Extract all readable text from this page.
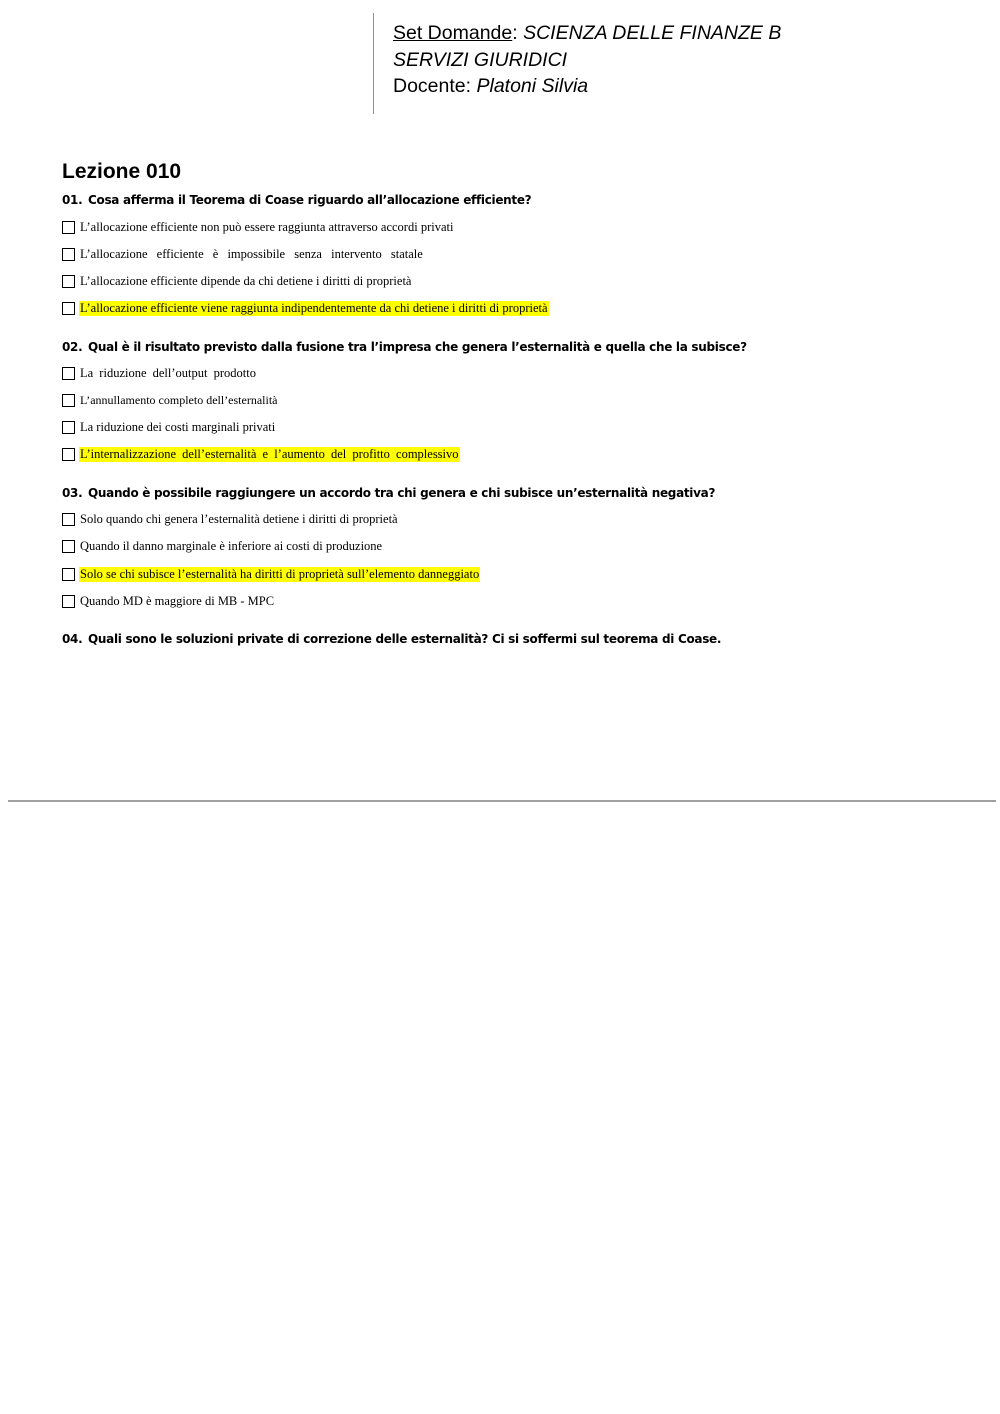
Set Domande: SCIENZA DELLE FINANZE B
SERVIZI GIURIDICI
Docente: Platoni Silvia
Lezione 010
01. Cosa afferma il Teorema di Coase riguardo all’allocazione efficiente?
L’allocazione efficiente non può essere raggiunta attraverso accordi privati
L’allocazione efficiente è impossibile senza intervento statale
L’allocazione efficiente dipende da chi detiene i diritti di proprietà
L’allocazione efficiente viene raggiunta indipendentemente da chi detiene i diritti di proprietà
02. Qual è il risultato previsto dalla fusione tra l’impresa che genera l’esternalità e quella che la subisce?
La riduzione dell’output prodotto
L’annullamento completo dell’esternalità
La riduzione dei costi marginali privati
L’internalizzazione dell’esternalità e l’aumento del profitto complessivo
03. Quando è possibile raggiungere un accordo tra chi genera e chi subisce un’esternalità negativa?
Solo quando chi genera l’esternalità detiene i diritti di proprietà
Quando il danno marginale è inferiore ai costi di produzione
Solo se chi subisce l’esternalità ha diritti di proprietà sull’elemento danneggiato
Quando MD è maggiore di MB - MPC
04. Quali sono le soluzioni private di correzione delle esternalità? Ci si soffermi sul teorema di Coase.
